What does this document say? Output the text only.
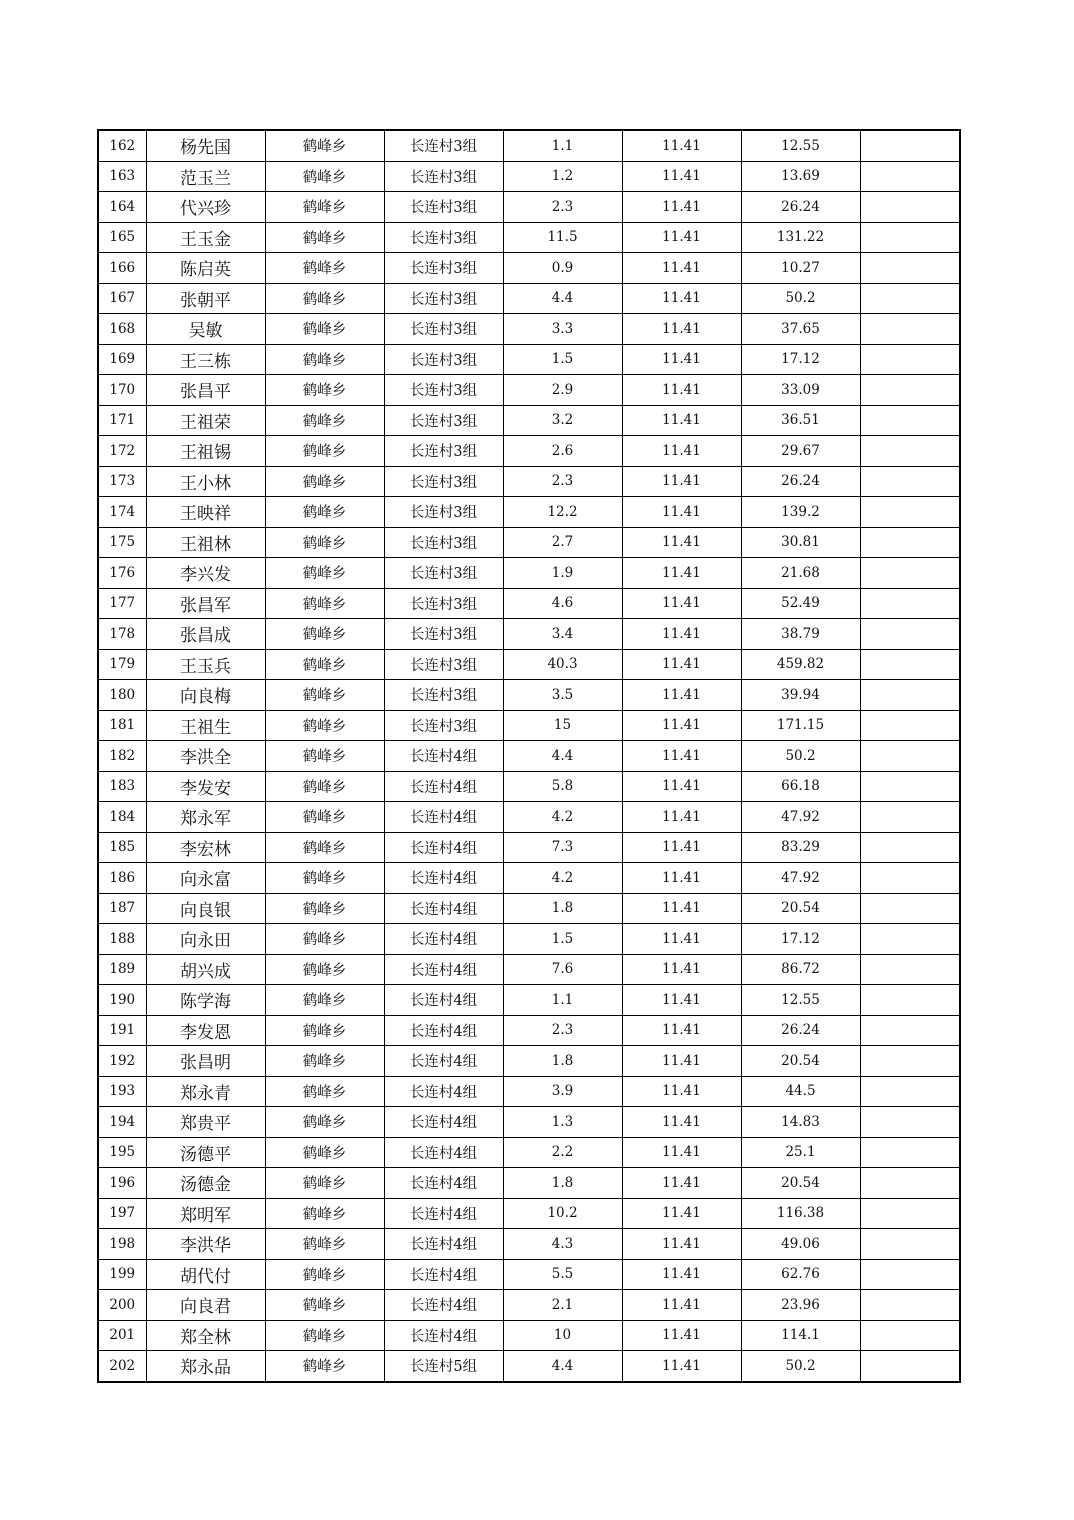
162	杨先国	鹤峰乡	长连村3组	1.1	11.41	12.55	
163	范玉兰	鹤峰乡	长连村3组	1.2	11.41	13.69	
164	代兴珍	鹤峰乡	长连村3组	2.3	11.41	26.24	
165	王玉金	鹤峰乡	长连村3组	11.5	11.41	131.22	
166	陈启英	鹤峰乡	长连村3组	0.9	11.41	10.27	
167	张朝平	鹤峰乡	长连村3组	4.4	11.41	50.2	
168	吴敏	鹤峰乡	长连村3组	3.3	11.41	37.65	
169	王三栋	鹤峰乡	长连村3组	1.5	11.41	17.12	
170	张昌平	鹤峰乡	长连村3组	2.9	11.41	33.09	
171	王祖荣	鹤峰乡	长连村3组	3.2	11.41	36.51	
172	王祖锡	鹤峰乡	长连村3组	2.6	11.41	29.67	
173	王小林	鹤峰乡	长连村3组	2.3	11.41	26.24	
174	王映祥	鹤峰乡	长连村3组	12.2	11.41	139.2	
175	王祖林	鹤峰乡	长连村3组	2.7	11.41	30.81	
176	李兴发	鹤峰乡	长连村3组	1.9	11.41	21.68	
177	张昌军	鹤峰乡	长连村3组	4.6	11.41	52.49	
178	张昌成	鹤峰乡	长连村3组	3.4	11.41	38.79	
179	王玉兵	鹤峰乡	长连村3组	40.3	11.41	459.82	
180	向良梅	鹤峰乡	长连村3组	3.5	11.41	39.94	
181	王祖生	鹤峰乡	长连村3组	15	11.41	171.15	
182	李洪全	鹤峰乡	长连村4组	4.4	11.41	50.2	
183	李发安	鹤峰乡	长连村4组	5.8	11.41	66.18	
184	郑永军	鹤峰乡	长连村4组	4.2	11.41	47.92	
185	李宏林	鹤峰乡	长连村4组	7.3	11.41	83.29	
186	向永富	鹤峰乡	长连村4组	4.2	11.41	47.92	
187	向良银	鹤峰乡	长连村4组	1.8	11.41	20.54	
188	向永田	鹤峰乡	长连村4组	1.5	11.41	17.12	
189	胡兴成	鹤峰乡	长连村4组	7.6	11.41	86.72	
190	陈学海	鹤峰乡	长连村4组	1.1	11.41	12.55	
191	李发恩	鹤峰乡	长连村4组	2.3	11.41	26.24	
192	张昌明	鹤峰乡	长连村4组	1.8	11.41	20.54	
193	郑永青	鹤峰乡	长连村4组	3.9	11.41	44.5	
194	郑贵平	鹤峰乡	长连村4组	1.3	11.41	14.83	
195	汤德平	鹤峰乡	长连村4组	2.2	11.41	25.1	
196	汤德金	鹤峰乡	长连村4组	1.8	11.41	20.54	
197	郑明军	鹤峰乡	长连村4组	10.2	11.41	116.38	
198	李洪华	鹤峰乡	长连村4组	4.3	11.41	49.06	
199	胡代付	鹤峰乡	长连村4组	5.5	11.41	62.76	
200	向良君	鹤峰乡	长连村4组	2.1	11.41	23.96	
201	郑全林	鹤峰乡	长连村4组	10	11.41	114.1	
202	郑永品	鹤峰乡	长连村5组	4.4	11.41	50.2	
